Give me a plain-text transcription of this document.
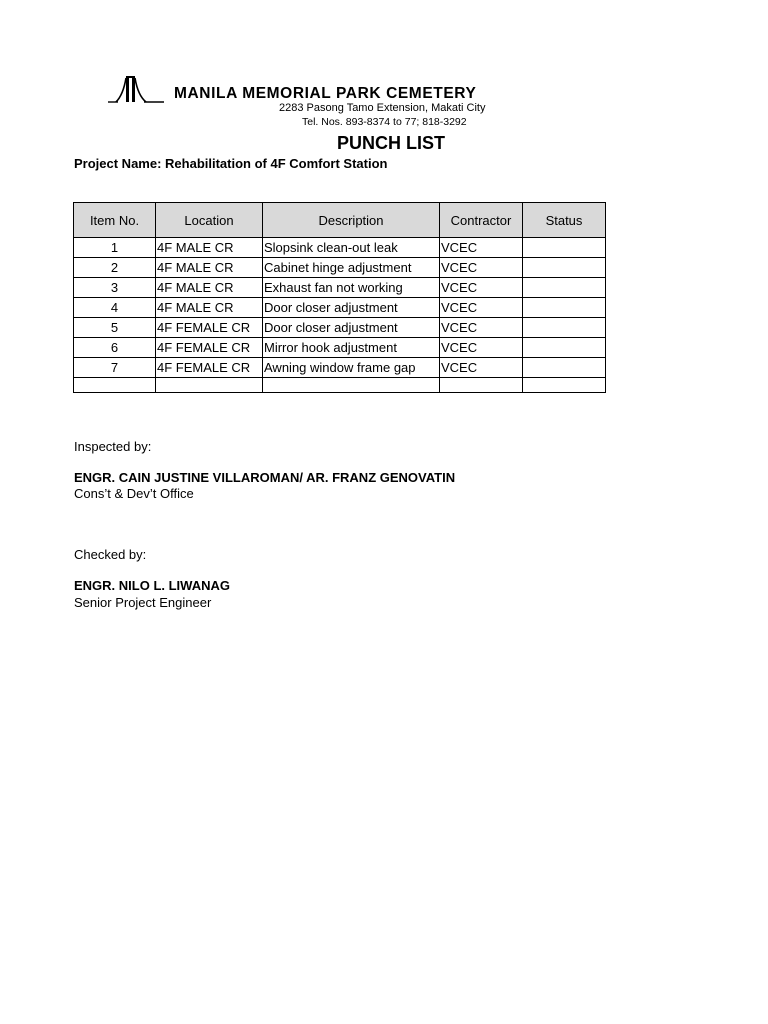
MANILA MEMORIAL PARK CEMETERY
2283 Pasong Tamo Extension, Makati City
Tel. Nos. 893-8374 to 77; 818-3292
PUNCH LIST
Project Name: Rehabilitation of 4F Comfort Station
Item No.	Location	Description	Contractor	Status
1	4F MALE CR	Slopsink clean-out leak	VCEC	
2	4F MALE CR	Cabinet hinge adjustment	VCEC	
3	4F MALE CR	Exhaust fan not working	VCEC	
4	4F MALE CR	Door closer adjustment	VCEC	
5	4F FEMALE CR	Door closer adjustment	VCEC	
6	4F FEMALE CR	Mirror hook adjustment	VCEC	
7	4F FEMALE CR	Awning window frame gap	VCEC	

Inspected by:
ENGR. CAIN JUSTINE VILLAROMAN/ AR. FRANZ GENOVATIN
Cons’t & Dev’t Office
Checked by:
ENGR. NILO L. LIWANAG
Senior Project Engineer
